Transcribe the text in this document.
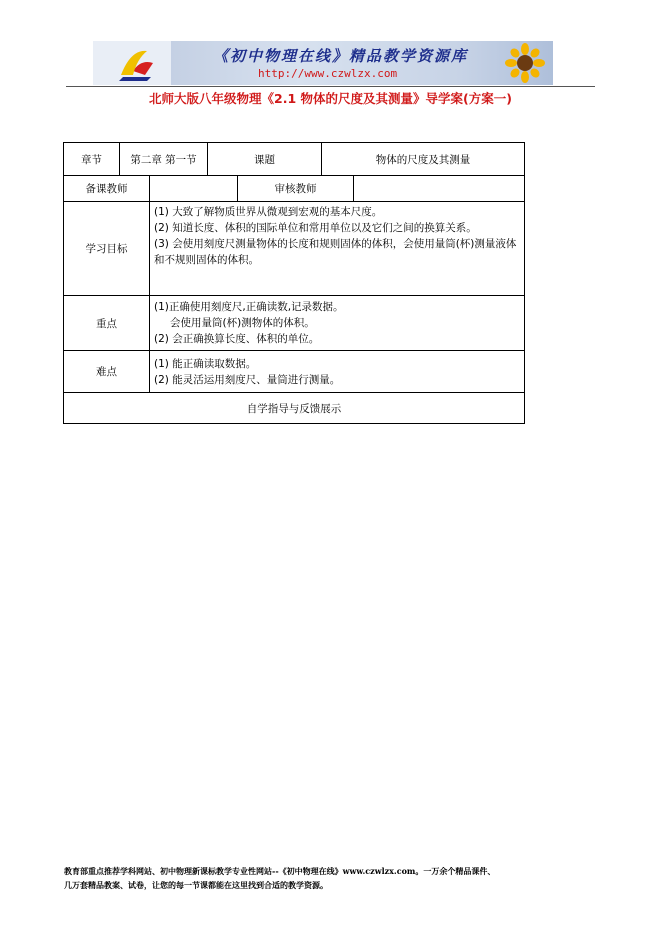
《初中物理在线》精品教学资源库
http://www.czwlzx.com
北师大版八年级物理《2.1 物体的尺度及其测量》导学案(方案一)
章节	第二章 第一节		课题		物体的尺度及其测量	
备课教师				审核教师		
学习目标		(1) 大致了解物质世界从微观到宏观的基本尺度。
(2) 知道长度、体积的国际单位和常用单位以及它们之间的换算关系。
(3) 会使用刻度尺测量物体的长度和规则固体的体积，会使用量筒(杯)测量液体和不规则固体的体积。				

重点		(1)正确使用刻度尺,正确读数,记录数据。
会使用量筒(杯)测物体的体积。
(2) 会正确换算长度、体积的单位。				

难点		(1) 能正确读取数据。
(2) 能灵活运用刻度尺、量筒进行测量。				

自学指导与反馈展示						
教育部重点推荐学科网站、初中物理新课标教学专业性网站--《初中物理在线》www.czwlzx.com。一万余个精品课件、
几万套精品教案、试卷，让您的每一节课都能在这里找到合适的教学资源。
